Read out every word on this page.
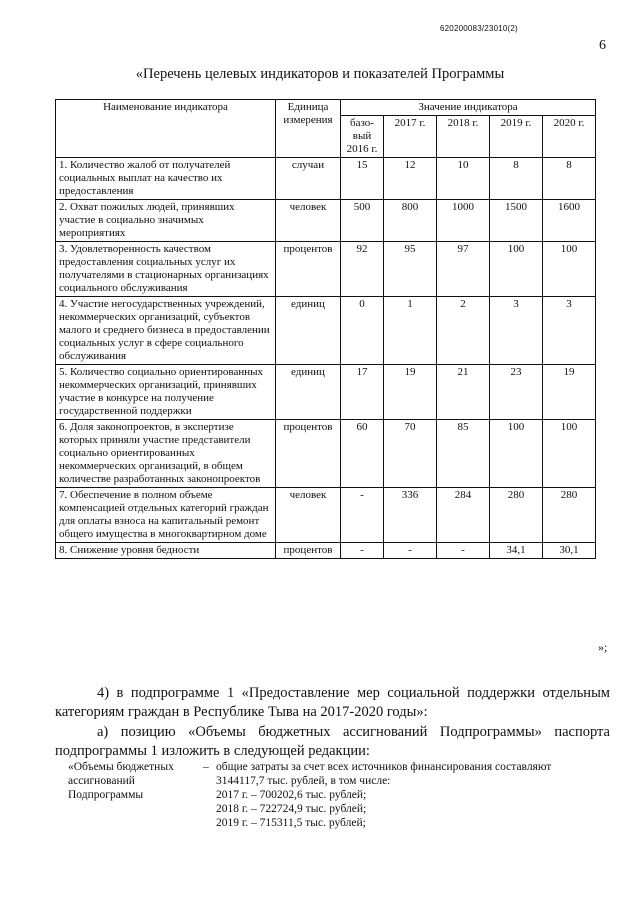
620200083/23010(2)
6
«Перечень целевых индикаторов и показателей Программы
Наименование индикатора	Единица измерения	Значение индикатора				
		базо-вый 2016 г.	2017 г.	2018 г.	2019 г.	2020 г.
1. Количество жалоб от получателей социальных выплат на качество их предоставления	случаи	15	12	10	8	8
2. Охват пожилых людей, принявших участие в социально значимых мероприятиях	человек	500	800	1000	1500	1600
3. Удовлетворенность качеством предоставления социальных услуг их получателями в стационарных организациях социального обслуживания	процентов	92	95	97	100	100
4. Участие негосударственных учреждений, некоммерческих организаций, субъектов малого и среднего бизнеса в предоставлении социальных услуг в сфере социального обслуживания	единиц	0	1	2	3	3
5. Количество социально ориентированных некоммерческих организаций, принявших участие в конкурсе на получение государственной поддержки	единиц	17	19	21	23	19
6. Доля законопроектов, в экспертизе которых приняли участие представители социально ориентированных некоммерческих организаций, в общем количестве разработанных законопроектов	процентов	60	70	85	100	100
7. Обеспечение в полном объеме компенсацией отдельных категорий граждан для оплаты взноса на капитальный ремонт общего имущества в многоквартирном доме	человек	-	336	284	280	280
8. Снижение уровня бедности	процентов	-	-	-	34,1	30,1
»;
4) в подпрограмме 1 «Предоставление мер социальной поддержки отдельным категориям граждан в Республике Тыва на 2017-2020 годы»:
а) позицию «Объемы бюджетных ассигнований Подпрограммы» паспорта подпрограммы 1 изложить в следующей редакции:
«Объемы бюджетных ассигнований Подпрограммы
– общие затраты за счет всех источников финансирования составляют
3144117,7 тыс. рублей, в том числе:
2017 г. – 700202,6 тыс. рублей;
2018 г. – 722724,9 тыс. рублей;
2019 г. – 715311,5 тыс. рублей;
